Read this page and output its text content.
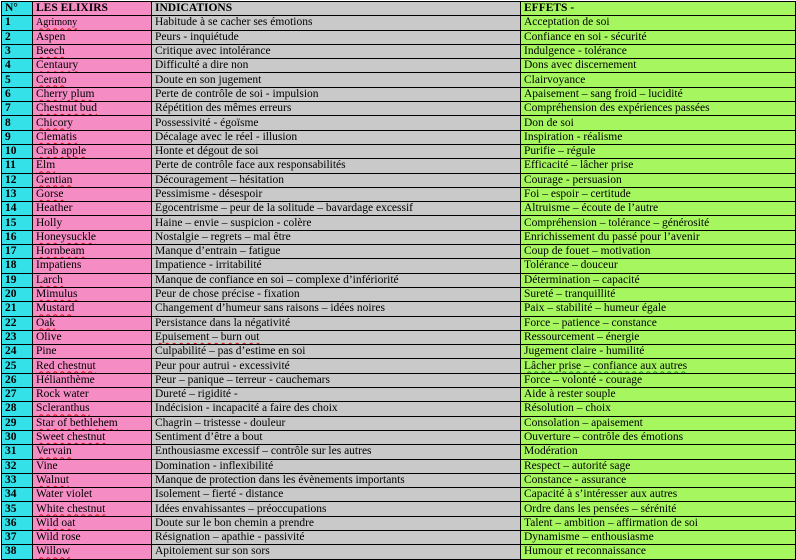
N°	LES ELIXIRS	INDICATIONS	EFFETS -
1	Agrimony	Habitude à se cacher ses émotions	Acceptation de soi
2	Aspen	Peurs - inquiétude	Confiance en soi - sécurité
3	Beech	Critique avec intolérance	Indulgence - tolérance
4	Centaury	Difficulté a dire non	Dons avec discernement
5	Cerato	Doute en son jugement	Clairvoyance
6	Cherry plum	Perte de contrôle de soi - impulsion	Apaisement – sang froid – lucidité
7	Chestnut bud	Répétition des mêmes erreurs	Compréhension des expériences passées
8	Chicory	Possessivité - égoïsme	Don de soi
9	Clematis	Décalage avec le réel - illusion	Inspiration - réalisme
10	Crab apple	Honte et dégout de soi	Purifie – régule
11	Elm	Perte de contrôle face aux responsabilités	Efficacité – lâcher prise
12	Gentian	Découragement – hésitation	Courage - persuasion
13	Gorse	Pessimisme - désespoir	Foi – espoir – certitude
14	Heather	Egocentrisme – peur de la solitude – bavardage excessif	Altruisme – écoute de l’autre
15	Holly	Haine – envie – suspicion - colère	Compréhension – tolérance – générosité
16	Honeysuckle	Nostalgie – regrets – mal être	Enrichissement du passé pour l’avenir
17	Hornbeam	Manque d’entrain – fatigue	Coup de fouet – motivation
18	Impatiens	Impatience - irritabilité	Tolérance – douceur
19	Larch	Manque de confiance en soi – complexe d’infériorité	Détermination – capacité
20	Mimulus	Peur de chose précise - fixation	Sureté – tranquillité
21	Mustard	Changement d’humeur sans raisons – idées noires	Paix – stabilité – humeur égale
22	Oak	Persistance dans la négativité	Force – patience – constance
23	Olive	Epuisement – burn out	Ressourcement – énergie
24	Pine	Culpabilité – pas d’estime en soi	Jugement claire - humilité
25	Red chestnut	Peur pour autrui - excessivité	Lâcher prise – confiance aux autres
26	Hélianthème	Peur – panique – terreur - cauchemars	Force – volonté - courage
27	Rock water	Dureté – rigidité -	Aide à rester souple
28	Scleranthus	Indécision - incapacité a faire des choix	Résolution – choix
29	Star of bethlehem	Chagrin – tristesse - douleur	Consolation – apaisement
30	Sweet chestnut	Sentiment d’être a bout	Ouverture – contrôle des émotions
31	Vervain	Enthousiasme excessif – contrôle sur les autres	Modération
32	Vine	Domination - inflexibilité	Respect – autorité sage
33	Walnut	Manque de protection dans les évènements importants	Constance - assurance
34	Water violet	Isolement – fierté - distance	Capacité à s’intéresser aux autres
35	White chestnut	Idées envahissantes – préoccupations	Ordre dans les pensées – sérénité
36	Wild oat	Doute sur le bon chemin a prendre	Talent – ambition – affirmation de soi
37	Wild rose	Résignation – apathie - passivité	Dynamisme – enthousiasme
38	Willow	Apitoiement sur son sors	Humour et reconnaissance
